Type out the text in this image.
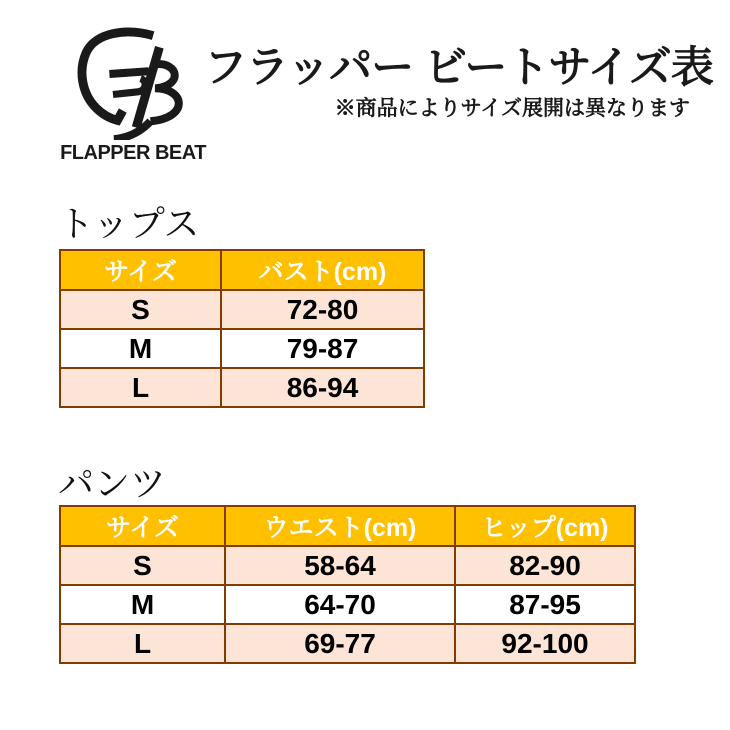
FLAPPER BEAT
フラッパー ビートサイズ表
※商品によりサイズ展開は異なります
トップス
サイズ	バスト(cm)
S	72-80
M	79-87
L	86-94
パンツ
サイズ	ウエスト(cm)	ヒップ(cm)
S	58-64	82-90
M	64-70	87-95
L	69-77	92-100
